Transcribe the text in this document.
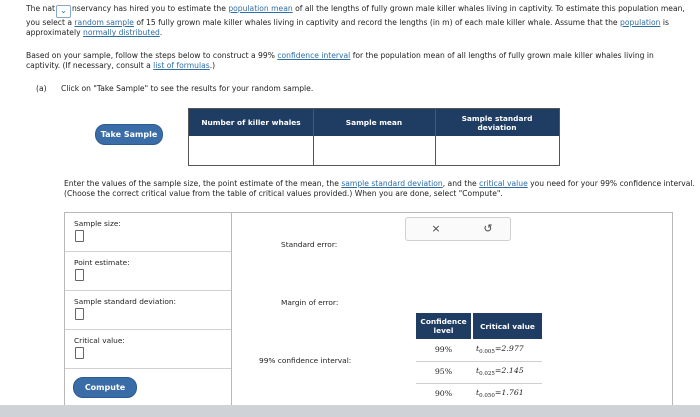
The nat ⌄ nservancy has hired you to estimate the population mean of all the lengths of fully grown male killer whales living in captivity. To estimate this population mean, you select a random sample of 15 fully grown male killer whales living in captivity and record the lengths (in m) of each male killer whale. Assume that the population is approximately normally distributed.
Based on your sample, follow the steps below to construct a 99% confidence interval for the population mean of all lengths of fully grown male killer whales living in captivity. (If necessary, consult a list of formulas.)
(a) Click on "Take Sample" to see the results for your random sample.
Take Sample
Number of killer whales	Sample mean	Sample standard deviation
Enter the values of the sample size, the point estimate of the mean, the sample standard deviation, and the critical value you need for your 99% confidence interval. (Choose the correct critical value from the table of critical values provided.) When you are done, select "Compute".
Sample size:
Point estimate:
Sample standard deviation:
Critical value:
Compute
Standard error:
Margin of error:
99% confidence interval:
×	↺
Confidence level	Critical value
99%	$t_{0.005}=2.977$
95%	$t_{0.025}=2.145$
90%	$t_{0.050}=1.761$
